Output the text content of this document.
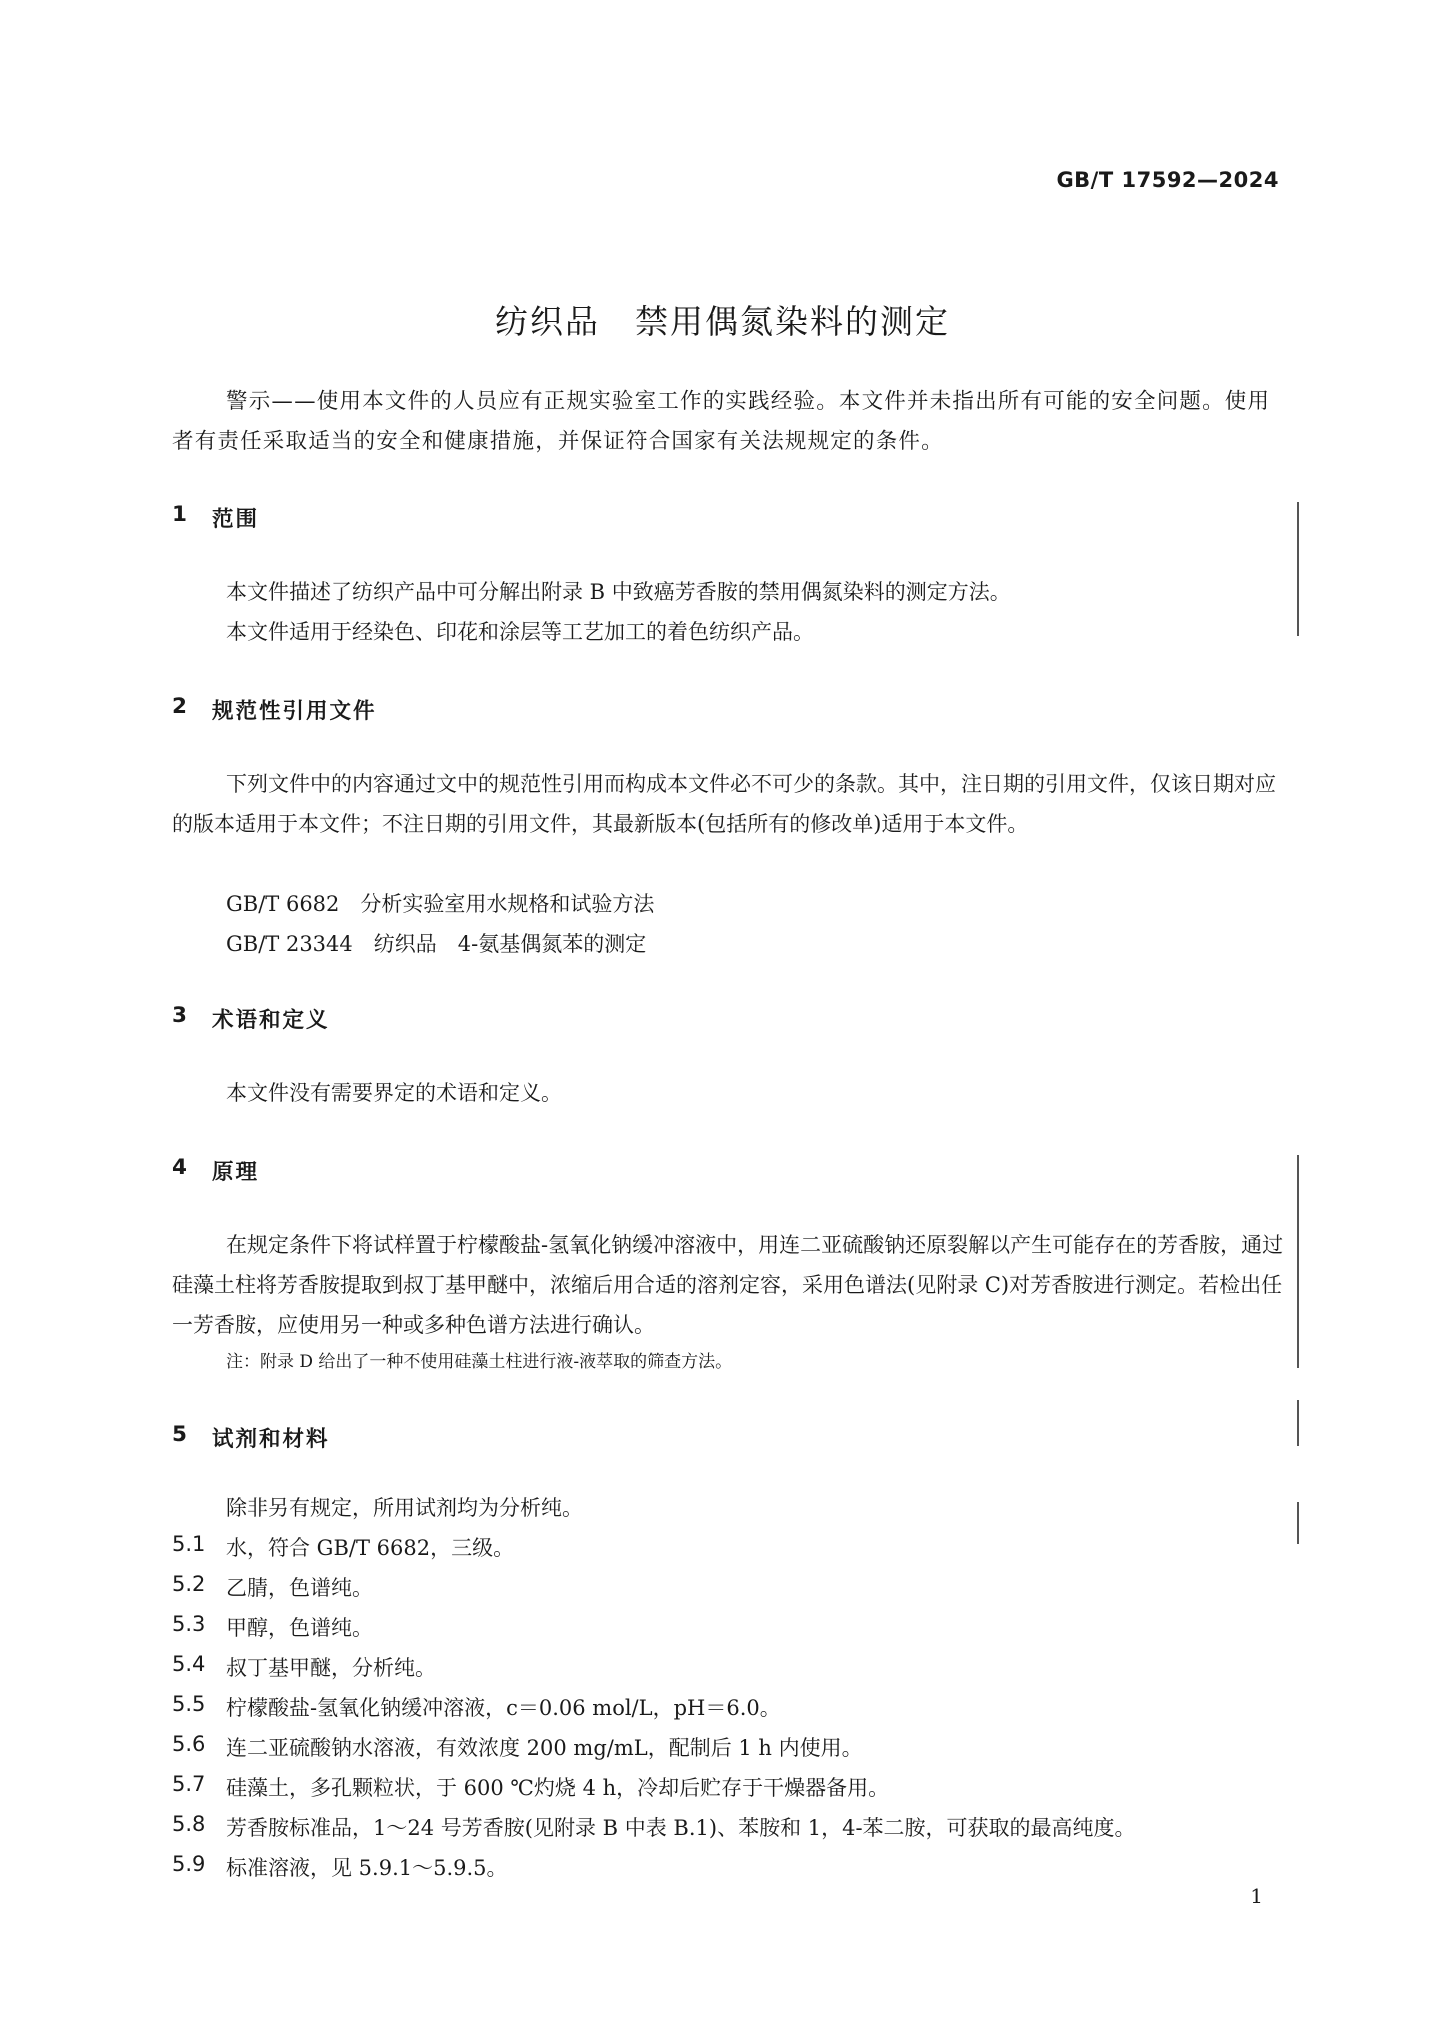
GB/T 17592—2024
纺织品　禁用偶氮染料的测定
警示——使用本文件的人员应有正规实验室工作的实践经验。本文件并未指出所有可能的安全问题。使用者有责任采取适当的安全和健康措施，并保证符合国家有关法规规定的条件。
1 范围
本文件描述了纺织产品中可分解出附录 B 中致癌芳香胺的禁用偶氮染料的测定方法。
本文件适用于经染色、印花和涂层等工艺加工的着色纺织产品。
2 规范性引用文件
下列文件中的内容通过文中的规范性引用而构成本文件必不可少的条款。其中，注日期的引用文件，仅该日期对应的版本适用于本文件；不注日期的引用文件，其最新版本(包括所有的修改单)适用于本文件。
GB/T 6682　分析实验室用水规格和试验方法
GB/T 23344　纺织品　4-氨基偶氮苯的测定
3 术语和定义
本文件没有需要界定的术语和定义。
4 原理
在规定条件下将试样置于柠檬酸盐-氢氧化钠缓冲溶液中，用连二亚硫酸钠还原裂解以产生可能存在的芳香胺，通过硅藻土柱将芳香胺提取到叔丁基甲醚中，浓缩后用合适的溶剂定容，采用色谱法(见附录 C)对芳香胺进行测定。若检出任一芳香胺，应使用另一种或多种色谱方法进行确认。
注：附录 D 给出了一种不使用硅藻土柱进行液-液萃取的筛查方法。
5 试剂和材料
除非另有规定，所用试剂均为分析纯。
5.1 水，符合 GB/T 6682，三级。
5.2 乙腈，色谱纯。
5.3 甲醇，色谱纯。
5.4 叔丁基甲醚，分析纯。
5.5 柠檬酸盐-氢氧化钠缓冲溶液，c＝0.06 mol/L，pH＝6.0。
5.6 连二亚硫酸钠水溶液，有效浓度 200 mg/mL，配制后 1 h 内使用。
5.7 硅藻土，多孔颗粒状，于 600 ℃灼烧 4 h，冷却后贮存于干燥器备用。
5.8 芳香胺标准品，1～24 号芳香胺(见附录 B 中表 B.1)、苯胺和 1，4-苯二胺，可获取的最高纯度。
5.9 标准溶液，见 5.9.1～5.9.5。
1
